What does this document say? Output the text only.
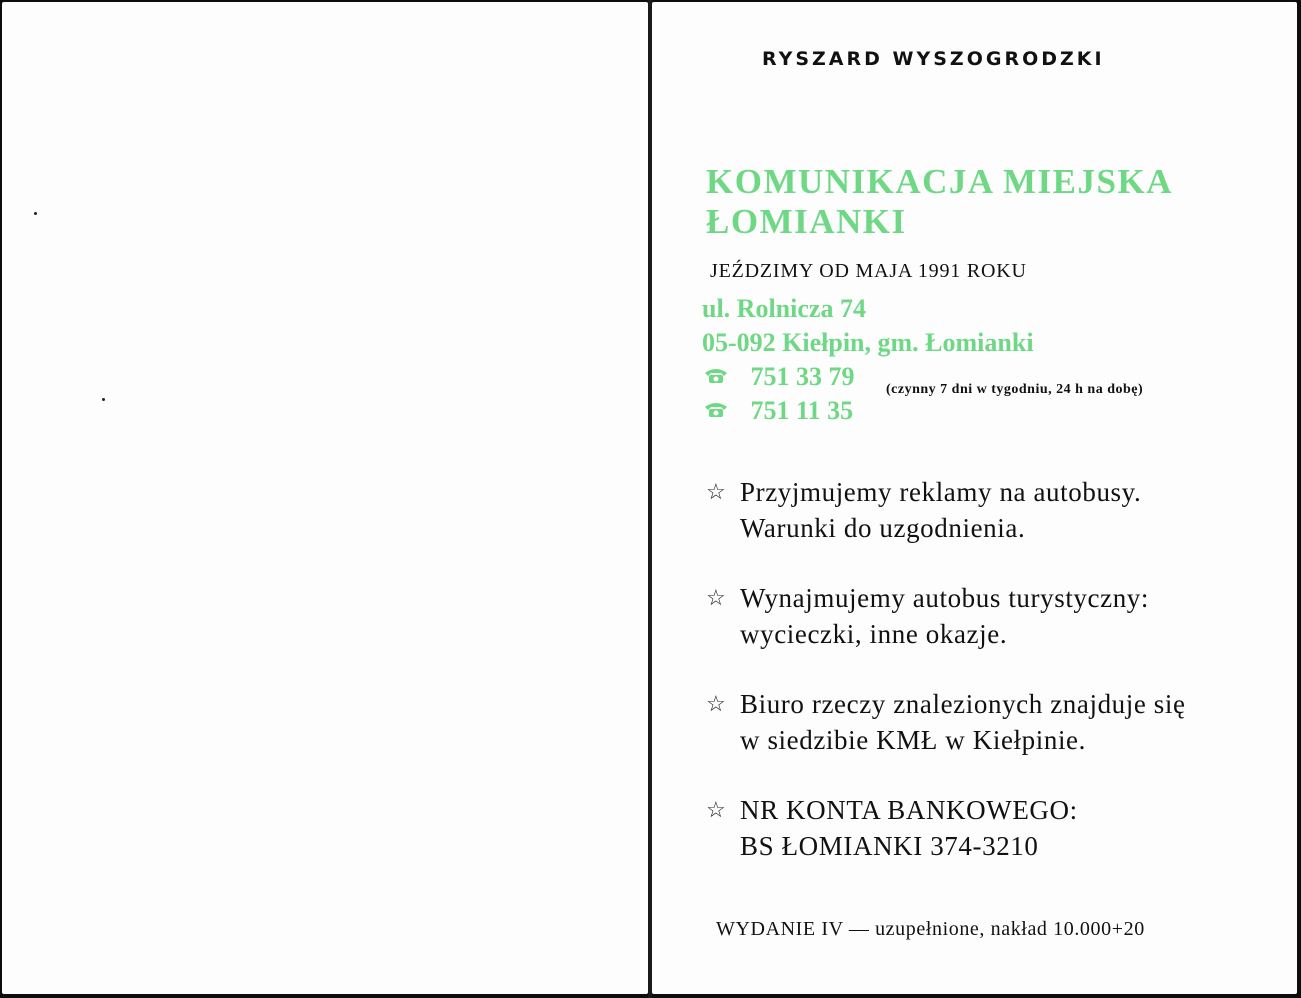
RYSZARD WYSZOGRODZKI
KOMUNIKACJA MIEJSKA
ŁOMIANKI
JEŹDZIMY OD MAJA 1991 ROKU
ul. Rolnicza 74
05-092 Kiełpin, gm. Łomianki
751 33 79
751 11 35
(czynny 7 dni w tygodniu, 24 h na dobę)
☆ Przyjmujemy reklamy na autobusy.
Warunki do uzgodnienia.
☆ Wynajmujemy autobus turystyczny:
wycieczki, inne okazje.
☆ Biuro rzeczy znalezionych znajduje się
w siedzibie KMŁ w Kiełpinie.
☆ NR KONTA BANKOWEGO:
BS ŁOMIANKI 374-3210
WYDANIE IV — uzupełnione, nakład 10.000+20
